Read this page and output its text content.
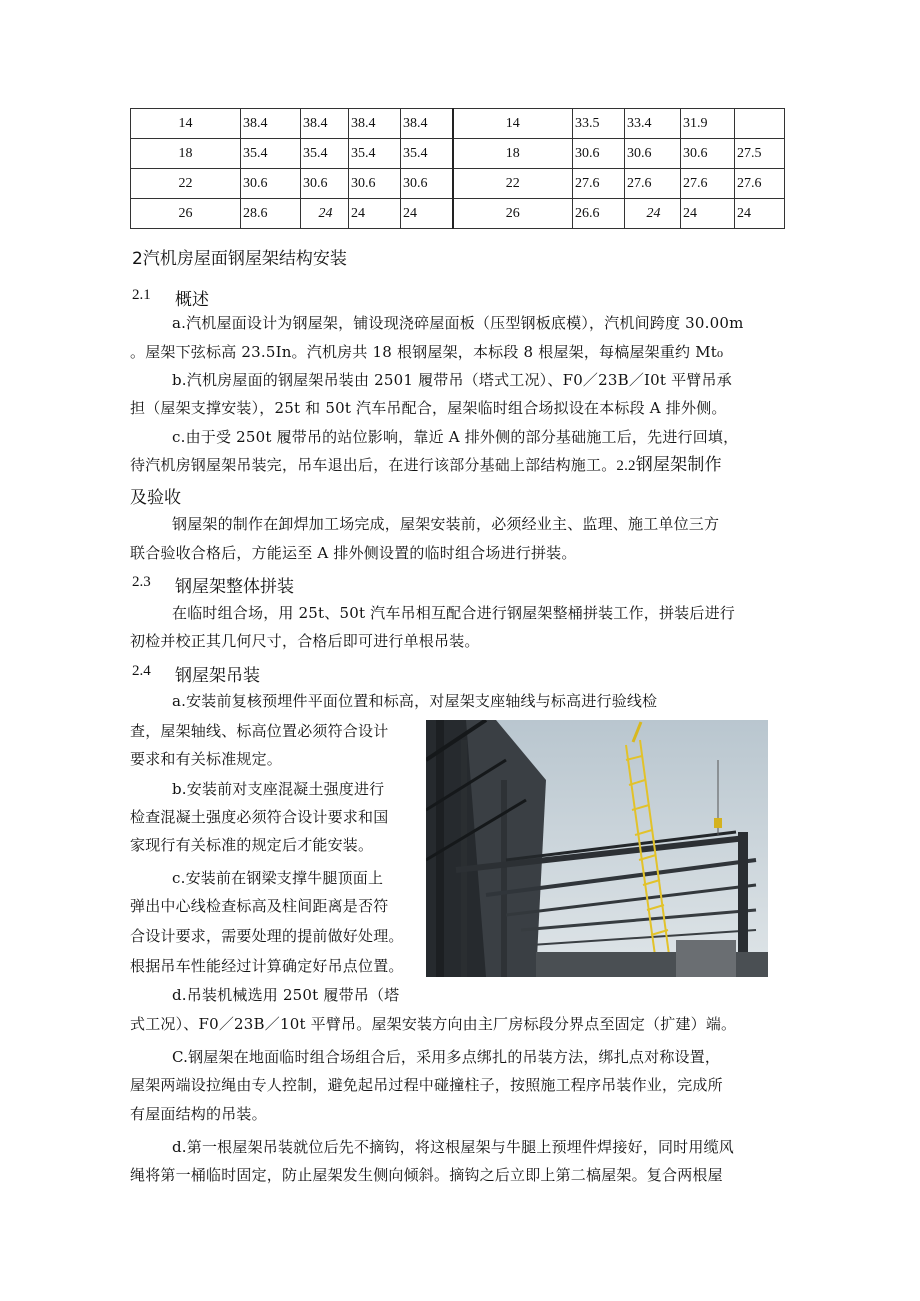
14	38.4	38.4	38.4	38.4	14	33.5	33.4	31.9	
18	35.4	35.4	35.4	35.4	18	30.6	30.6	30.6	27.5
22	30.6	30.6	30.6	30.6	22	27.6	27.6	27.6	27.6
26	28.6	24	24	24	26	26.6	24	24	24
2汽机房屋面钢屋架结构安装
2.1 概述
a.汽机屋面设计为钢屋架，铺设现浇碎屋面板（压型钢板底模），汽机间跨度 30.00m
。屋架下弦标高 23.5In。汽机房共 18 根钢屋架，本标段 8 根屋架，每槁屋架重约 Mt₀
b.汽机房屋面的钢屋架吊装由 2501 履带吊（塔式工况）、F0／23B／I0t 平臂吊承
担（屋架支撑安装），25t 和 50t 汽车吊配合，屋架临时组合场拟设在本标段 A 排外侧。
c.由于受 250t 履带吊的站位影响，靠近 A 排外侧的部分基础施工后，先进行回填，
待汽机房钢屋架吊装完，吊车退出后，在进行该部分基础上部结构施工。2.2钢屋架制作
及验收
钢屋架的制作在卸焊加工场完成，屋架安装前，必须经业主、监理、施工单位三方
联合验收合格后，方能运至 A 排外侧设置的临时组合场进行拼装。
2.3 钢屋架整体拼装
在临时组合场，用 25t、50t 汽车吊相互配合进行钢屋架整桶拼装工作，拼装后进行
初检并校正其几何尺寸，合格后即可进行单根吊装。
2.4 钢屋架吊装
a.安装前复核预埋件平面位置和标高，对屋架支座轴线与标高进行验线检
查，屋架轴线、标高位置必须符合设计
要求和有关标准规定。
b.安装前对支座混凝土强度进行
检查混凝土强度必须符合设计要求和国
家现行有关标准的规定后才能安装。
c.安装前在钢梁支撑牛腿顶面上
弹出中心线检查标高及柱间距离是否符
合设计要求，需要处理的提前做好处理。
根据吊车性能经过计算确定好吊点位置。
d.吊装机械选用 250t 履带吊（塔
式工况）、F0／23B／10t 平臂吊。屋架安装方向由主厂房标段分界点至固定（扩建）端。
C.钢屋架在地面临时组合场组合后，采用多点绑扎的吊装方法，绑扎点对称设置，
屋架两端设拉绳由专人控制，避免起吊过程中碰撞柱子，按照施工程序吊装作业，完成所
有屋面结构的吊装。
d.第一根屋架吊装就位后先不摘钩，将这根屋架与牛腿上预埋件焊接好，同时用缆风
绳将第一桶临时固定，防止屋架发生侧向倾斜。摘钩之后立即上第二槁屋架。复合两根屋
